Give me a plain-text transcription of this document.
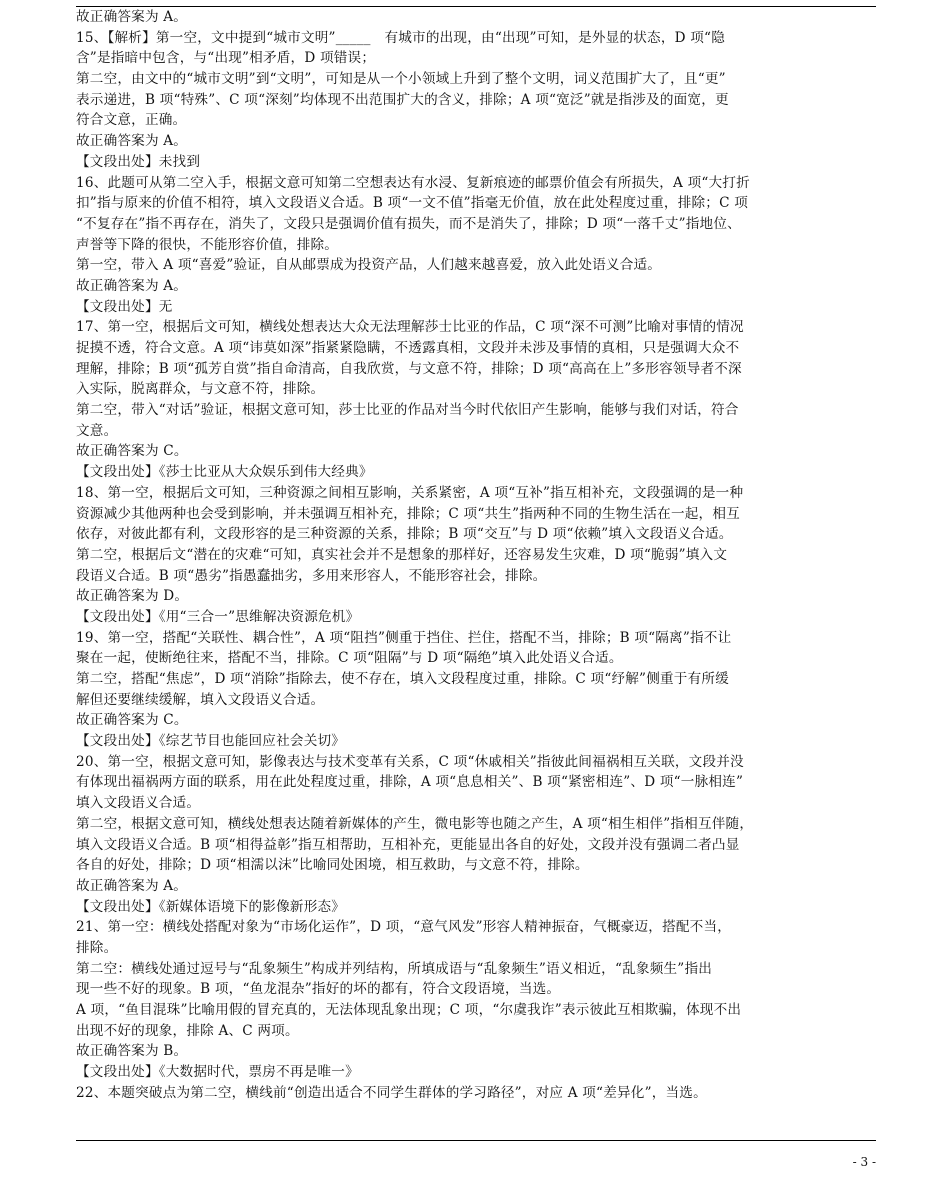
故正确答案为 A。
15、【解析】第一空，文中提到“城市文明”_____　有城市的出现，由“出现”可知，是外显的状态，D 项“隐
含”是指暗中包含，与“出现”相矛盾，D 项错误；
第二空，由文中的“城市文明”到“文明”，可知是从一个小领域上升到了整个文明，词义范围扩大了，且“更”
表示递进，B 项“特殊”、C 项“深刻”均体现不出范围扩大的含义，排除；A 项“宽泛”就是指涉及的面宽，更
符合文意，正确。
故正确答案为 A。
【文段出处】未找到
16、此题可从第二空入手，根据文意可知第二空想表达有水浸、复新痕迹的邮票价值会有所损失，A 项“大打折
扣”指与原来的价值不相符，填入文段语义合适。B 项“一文不值”指毫无价值，放在此处程度过重，排除；C 项
“不复存在”指不再存在，消失了，文段只是强调价值有损失，而不是消失了，排除；D 项“一落千丈”指地位、
声誉等下降的很快，不能形容价值，排除。
第一空，带入 A 项“喜爱”验证，自从邮票成为投资产品，人们越来越喜爱，放入此处语义合适。
故正确答案为 A。
【文段出处】无
17、第一空，根据后文可知，横线处想表达大众无法理解莎士比亚的作品，C 项“深不可测”比喻对事情的情况
捉摸不透，符合文意。A 项“讳莫如深”指紧紧隐瞒，不透露真相，文段并未涉及事情的真相，只是强调大众不
理解，排除；B 项“孤芳自赏”指自命清高，自我欣赏，与文意不符，排除；D 项“高高在上”多形容领导者不深
入实际，脱离群众，与文意不符，排除。
第二空，带入“对话”验证，根据文意可知，莎士比亚的作品对当今时代依旧产生影响，能够与我们对话，符合
文意。
故正确答案为 C。
【文段出处】《莎士比亚从大众娱乐到伟大经典》
18、第一空，根据后文可知，三种资源之间相互影响，关系紧密，A 项“互补”指互相补充，文段强调的是一种
资源减少其他两种也会受到影响，并未强调互相补充，排除；C 项“共生”指两种不同的生物生活在一起，相互
依存，对彼此都有利，文段形容的是三种资源的关系，排除；B 项“交互”与 D 项“依赖”填入文段语义合适。
第二空，根据后文“潜在的灾难“可知，真实社会并不是想象的那样好，还容易发生灾难，D 项“脆弱”填入文
段语义合适。B 项“愚劣”指愚蠢拙劣，多用来形容人，不能形容社会，排除。
故正确答案为 D。
【文段出处】《用“三合一”思维解决资源危机》
19、第一空，搭配“关联性、耦合性”，A 项“阻挡”侧重于挡住、拦住，搭配不当，排除；B 项“隔离”指不让
聚在一起，使断绝往来，搭配不当，排除。C 项“阻隔”与 D 项“隔绝”填入此处语义合适。
第二空，搭配“焦虑”，D 项“消除”指除去，使不存在，填入文段程度过重，排除。C 项“纾解”侧重于有所缓
解但还要继续缓解，填入文段语义合适。
故正确答案为 C。
【文段出处】《综艺节目也能回应社会关切》
20、第一空，根据文意可知，影像表达与技术变革有关系，C 项“休戚相关”指彼此间福祸相互关联，文段并没
有体现出福祸两方面的联系，用在此处程度过重，排除，A 项“息息相关”、B 项“紧密相连”、D 项“一脉相连”
填入文段语义合适。
第二空，根据文意可知，横线处想表达随着新媒体的产生，微电影等也随之产生，A 项“相生相伴”指相互伴随，
填入文段语义合适。B 项“相得益彰”指互相帮助，互相补充，更能显出各自的好处，文段并没有强调二者凸显
各自的好处，排除；D 项“相濡以沫”比喻同处困境，相互救助，与文意不符，排除。
故正确答案为 A。
【文段出处】《新媒体语境下的影像新形态》
21、第一空：横线处搭配对象为“市场化运作”，D 项，“意气风发”形容人精神振奋，气概豪迈，搭配不当，
排除。
第二空：横线处通过逗号与“乱象频生”构成并列结构，所填成语与“乱象频生”语义相近，“乱象频生”指出
现一些不好的现象。B 项，“鱼龙混杂”指好的坏的都有，符合文段语境，当选。
A 项，“鱼目混珠”比喻用假的冒充真的，无法体现乱象出现；C 项，“尔虞我诈”表示彼此互相欺骗，体现不出
出现不好的现象，排除 A、C 两项。
故正确答案为 B。
【文段出处】《大数据时代，票房不再是唯一》
22、本题突破点为第二空，横线前“创造出适合不同学生群体的学习路径”，对应 A 项“差异化”，当选。
- 3 -
